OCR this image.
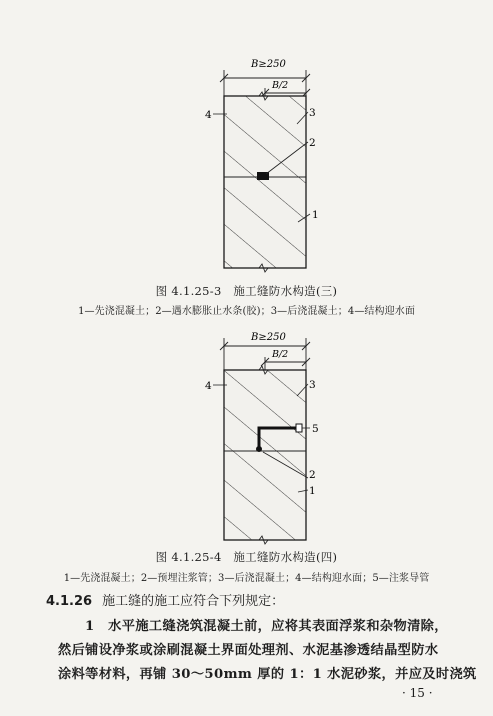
B≥250
B/2
4	3
2
1
B≥250
B/2
4	3
5
2
1
图 4.1.25-3　施工缝防水构造(三)
1—先浇混凝土；2—遇水膨胀止水条(胶)；3—后浇混凝土；4—结构迎水面
图 4.1.25-4　施工缝防水构造(四)
1—先浇混凝土；2—预埋注浆管；3—后浇混凝土；4—结构迎水面；5—注浆导管
4.1.26 施工缝的施工应符合下列规定：
1　水平施工缝浇筑混凝土前，应将其表面浮浆和杂物清除，
然后铺设净浆或涂刷混凝土界面处理剂、水泥基渗透结晶型防水
涂料等材料，再铺 30～50mm 厚的 1：1 水泥砂浆，并应及时浇筑
· 15 ·
